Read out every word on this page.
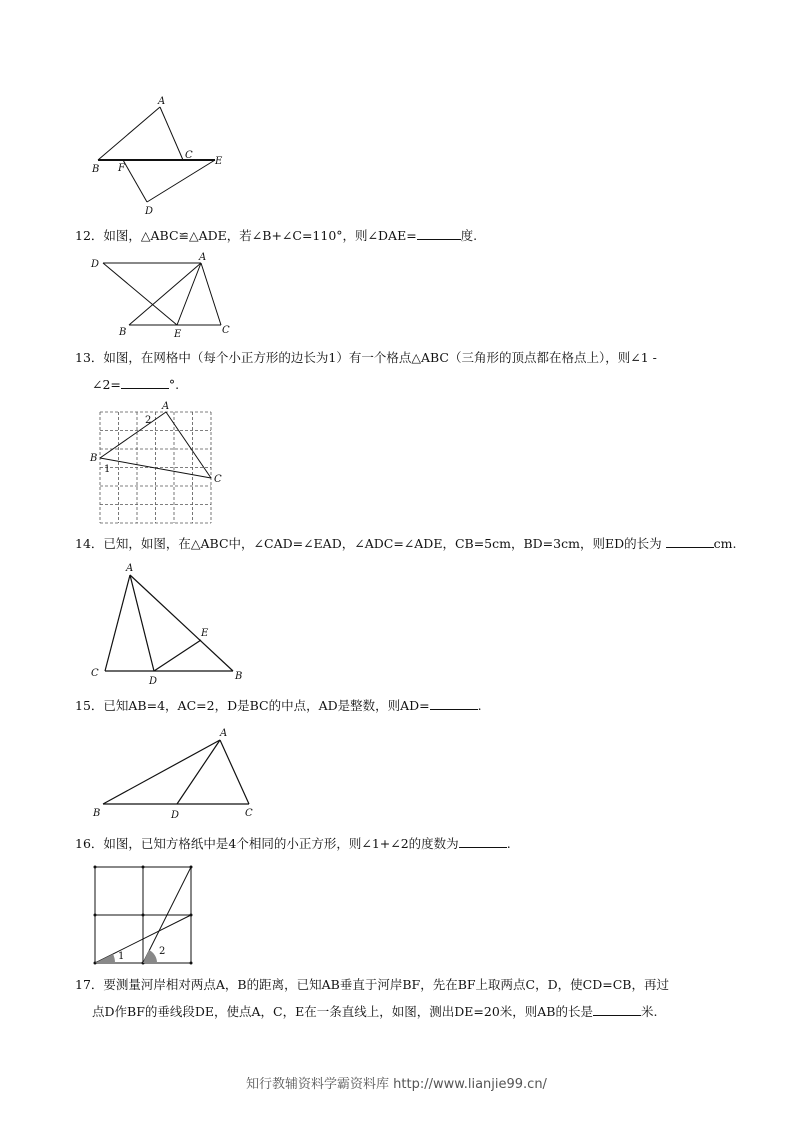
A
B F
C
E
D
12．如图，△ABC≌△ADE，若∠B+∠C=110°，则∠DAE=	度.
D
A
B	E	C
13．如图，在网格中（每个小正方形的边长为1）有一个格点△ABC（三角形的顶点都在格点上），则∠1 -
∠2=	°.
2
A
B
1
C
14．已知，如图，在△ABC中，∠CAD=∠EAD，∠ADC=∠ADE，CB=5cm，BD=3cm，则ED的长为	cm.
A
E
C
D	B
15．已知AB=4，AC=2，D是BC的中点，AD是整数，则AD=	.
A
B	D	C
16．如图，已知方格纸中是4个相同的小正方形，则∠1+∠2的度数为	.
1	2
17．要测量河岸相对两点A，B的距离，已知AB垂直于河岸BF，先在BF上取两点C，D，使CD=CB，再过
点D作BF的垂线段DE，使点A，C，E在一条直线上，如图，测出DE=20米，则AB的长是	米.
知行教辅资料学霸资料库 http://www.lianjie99.cn/
